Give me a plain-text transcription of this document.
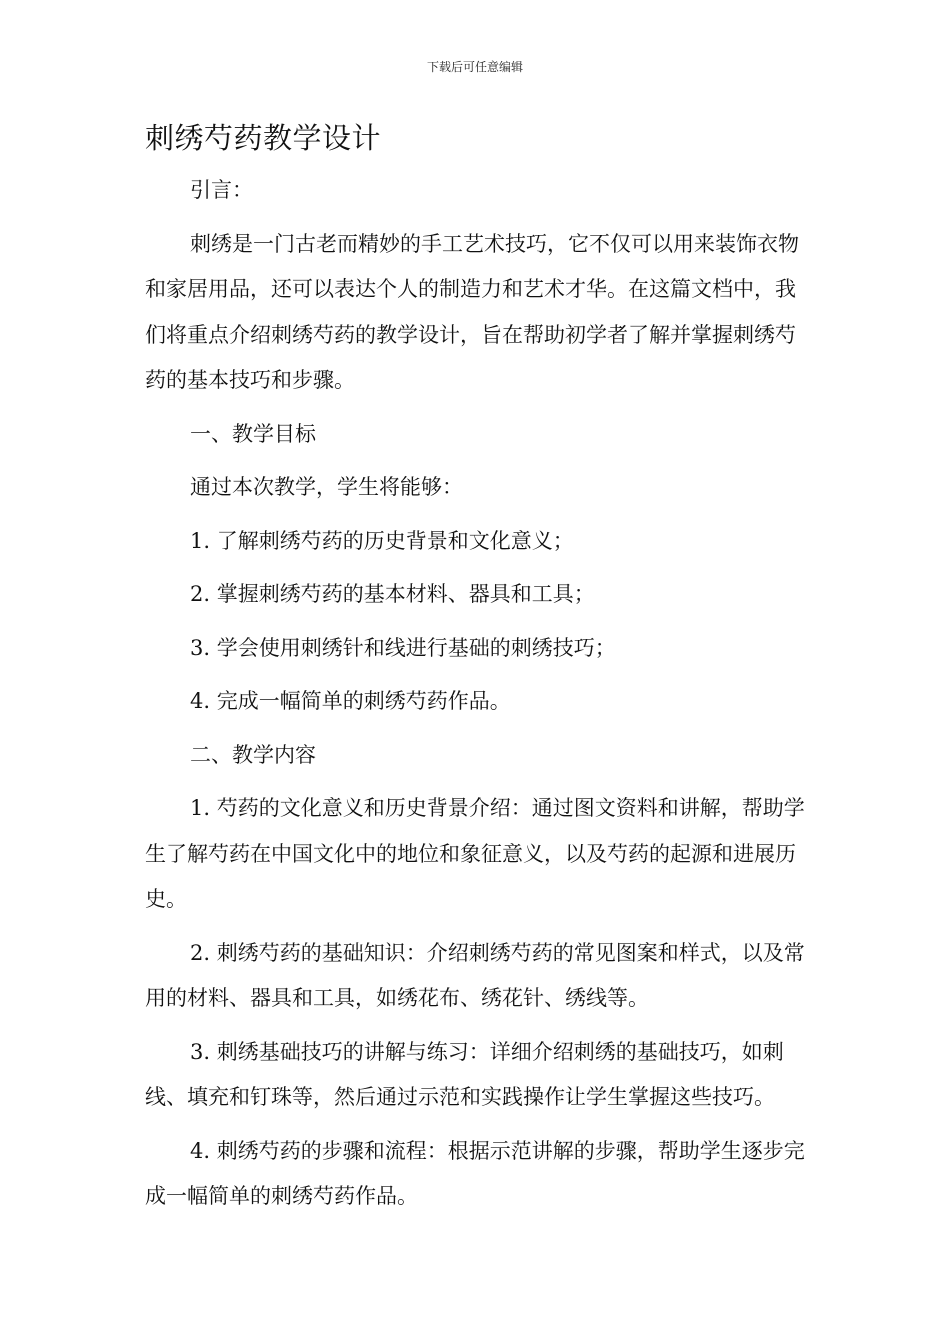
下载后可任意编辑
刺绣芍药教学设计

引言：

刺绣是一门古老而精妙的手工艺术技巧，它不仅可以用来装饰衣物和家居用品，还可以表达个人的制造力和艺术才华。在这篇文档中，我们将重点介绍刺绣芍药的教学设计，旨在帮助初学者了解并掌握刺绣芍药的基本技巧和步骤。

一、教学目标

通过本次教学，学生将能够：

1. 了解刺绣芍药的历史背景和文化意义；

2. 掌握刺绣芍药的基本材料、器具和工具；

3. 学会使用刺绣针和线进行基础的刺绣技巧；

4. 完成一幅简单的刺绣芍药作品。

二、教学内容

1. 芍药的文化意义和历史背景介绍：通过图文资料和讲解，帮助学生了解芍药在中国文化中的地位和象征意义，以及芍药的起源和进展历史。

2. 刺绣芍药的基础知识：介绍刺绣芍药的常见图案和样式，以及常用的材料、器具和工具，如绣花布、绣花针、绣线等。

3. 刺绣基础技巧的讲解与练习：详细介绍刺绣的基础技巧，如刺线、填充和钉珠等，然后通过示范和实践操作让学生掌握这些技巧。

4. 刺绣芍药的步骤和流程：根据示范讲解的步骤，帮助学生逐步完成一幅简单的刺绣芍药作品。
